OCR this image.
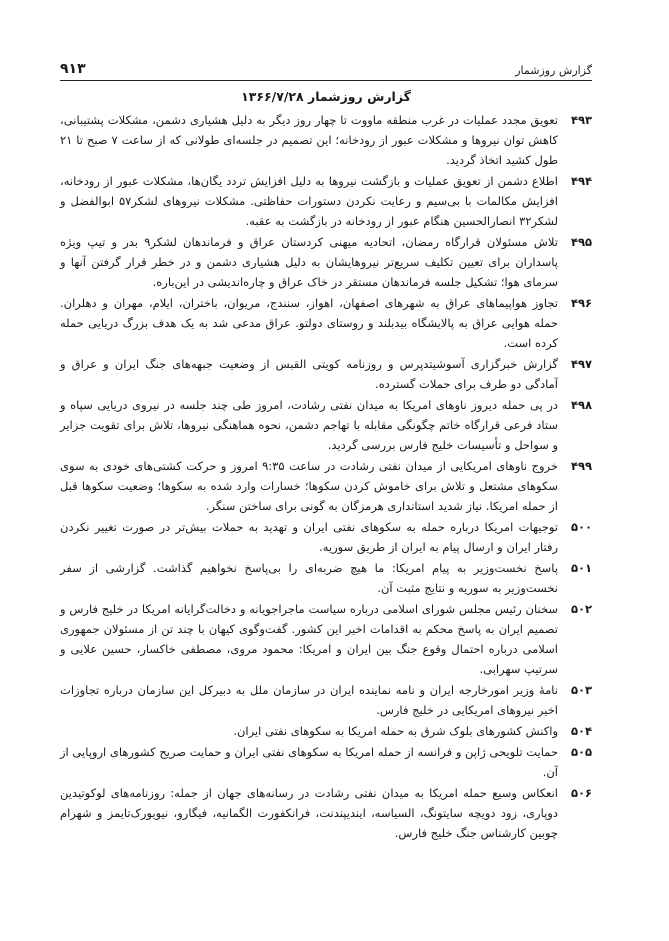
گزارش روزشمار
۹۱۳
گزارش روزشمار ۱۳۶۶/۷/۲۸
۴۹۳
تعویق مجدد عملیات در غرب منطقه ماووت تا چهار روز دیگر به دلیل هشیاری دشمن، مشکلات پشتیبانی، کاهش توان نیروها و مشکلات عبور از رودخانه؛ این تصمیم در جلسه‌ای طولانی که از ساعت ۷ صبح تا ۲۱ طول کشید اتخاذ گردید.
۴۹۴
اطلاع دشمن از تعویق عملیات و بازگشت نیروها به دلیل افزایش تردد یگان‌ها، مشکلات عبور از رودخانه، افزایش مکالمات با بی‌سیم و رعایت نکردن دستورات حفاظتی. مشکلات نیروهای لشکر۵۷ ابوالفضل و لشکر۳۲ انصارالحسین هنگام عبور از رودخانه در بازگشت به عقبه.
۴۹۵
تلاش مسئولان قرارگاه رمضان، اتحادیه میهنی کردستان عراق و فرماندهان لشکر۹ بدر و تیپ ویژه پاسداران برای تعیین تکلیف سریع‌تر نیروهایشان به دلیل هشیاری دشمن و در خطر قرار گرفتن آنها و سرمای هوا؛ تشکیل جلسه فرماندهان مستقر در خاک عراق و چاره‌اندیشی در این‌باره.
۴۹۶
تجاوز هواپیماهای عراق به شهرهای اصفهان، اهواز، سنندج، مریوان، باختران، ایلام، مهران و دهلران. حمله هوایی عراق به پالایشگاه بیدبلند و روستای دولتو. عراق مدعی شد به یک هدف بزرگ دریایی حمله کرده است.
۴۹۷
گزارش خبرگزاری آسوشیتدپرس و روزنامه کویتی القبس از وضعیت جبهه‌های جنگ ایران و عراق و آمادگی دو طرف برای حملات گسترده.
۴۹۸
در پی حمله دیروز ناوهای امریکا به میدان نفتی رشادت، امروز طی چند جلسه در نیروی دریایی سپاه و ستاد فرعی قرارگاه خاتم چگونگی مقابله با تهاجم دشمن، نحوه هماهنگی نیروها، تلاش برای تقویت جزایر و سواحل و تأسیسات خلیج فارس بررسی گردید.
۴۹۹
خروج ناوهای امریکایی از میدان نفتی رشادت در ساعت ۹:۳۵ امروز و حرکت کشتی‌های خودی به سوی سکوهای مشتعل و تلاش برای خاموش کردن سکوها؛ خسارات وارد شده به سکوها؛ وضعیت سکوها قبل از حمله امریکا. نیاز شدید استانداری هرمزگان به گونی برای ساختن سنگر.
۵۰۰
توجیهات امریکا درباره حمله به سکوهای نفتی ایران و تهدید به حملات بیش‌تر در صورت تغییر نکردن رفتار ایران و ارسال پیام به ایران از طریق سوریه.
۵۰۱
پاسخ نخست‌وزیر به پیام امریکا: ما هیچ ضربه‌ای را بی‌پاسخ نخواهیم گذاشت. گزارشی از سفر نخست‌وزیر به سوریه و نتایج مثبت آن.
۵۰۲
سخنان رئیس مجلس شورای اسلامی درباره سیاست ماجراجویانه و دخالت‌گرایانه امریکا در خلیج فارس و تصمیم ایران به پاسخ محکم به اقدامات اخیر این کشور. گفت‌وگوی کیهان با چند تن از مسئولان جمهوری اسلامی درباره احتمال وقوع جنگ بین ایران و امریکا: محمود مروی، مصطفی خاکسار، حسین علایی و سرتیپ سهرابی.
۵۰۳
نامهٔ وزیر امورخارجه ایران و نامه نماینده ایران در سازمان ملل به دبیرکل این سازمان درباره تجاوزات اخیر نیروهای امریکایی در خلیج فارس.
۵۰۴
واکنش کشورهای بلوک شرق به حمله امریکا به سکوهای نفتی ایران.
۵۰۵
حمایت تلویحی ژاپن و فرانسه از حمله امریکا به سکوهای نفتی ایران و حمایت صریح کشورهای اروپایی از آن.
۵۰۶
انعکاس وسیع حمله امریکا به میدان نفتی رشادت در رسانه‌های جهان از جمله: روزنامه‌های لوکوتیدین دوپاری، زود دویچه سایتونگ، السیاسه، ایندیپندنت، فرانکفورت الگمانیه، فیگارو، نیویورک‌تایمز و شهرام چوبین کارشناس جنگ خلیج فارس.
